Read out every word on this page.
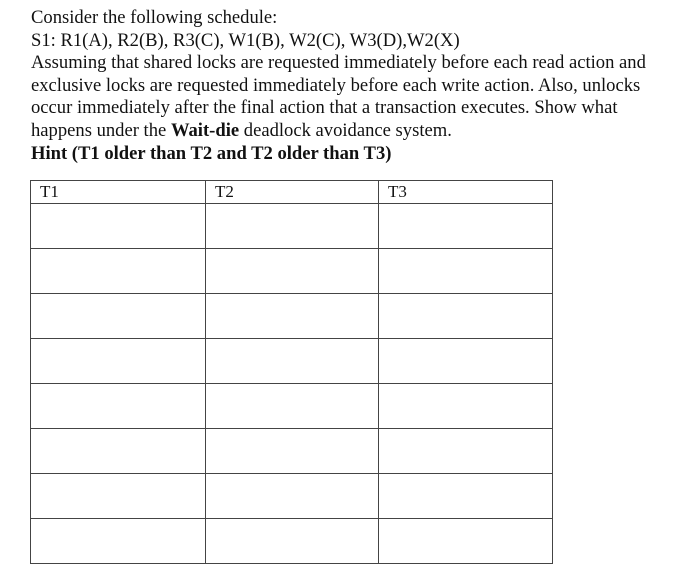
Consider the following schedule:
S1: R1(A), R2(B), R3(C), W1(B), W2(C), W3(D),W2(X)
Assuming that shared locks are requested immediately before each read action and
exclusive locks are requested immediately before each write action. Also, unlocks
occur immediately after the final action that a transaction executes. Show what
happens under the Wait-die deadlock avoidance system.
Hint (T1 older than T2 and T2 older than T3)
T1	T2	T3
